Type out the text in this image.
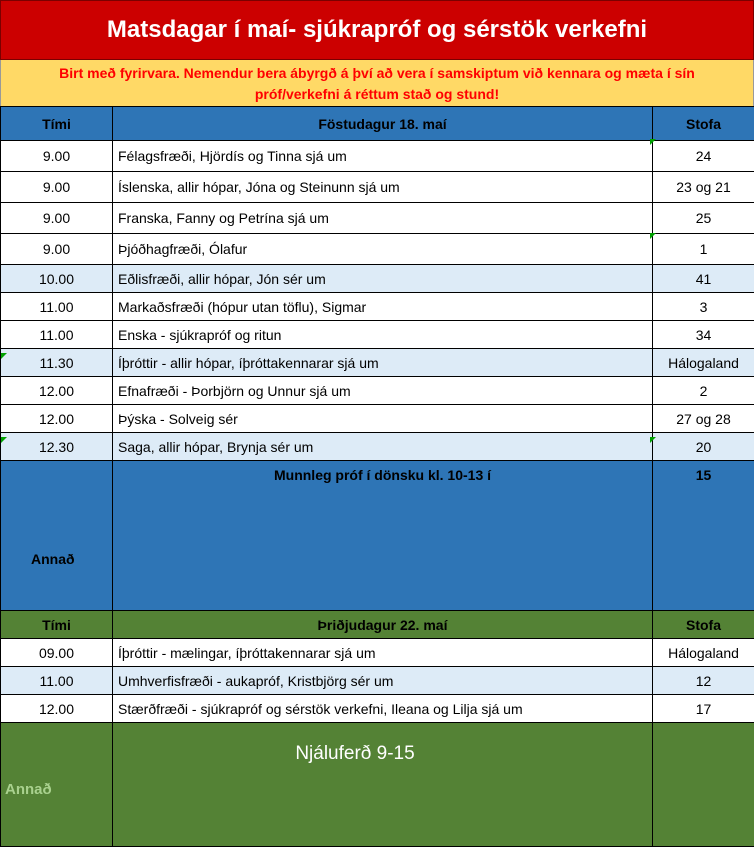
Matsdagar í maí- sjúkrapróf og sérstök verkefni
Birt með fyrirvara. Nemendur bera ábyrgð á því að vera í samskiptum við kennara og mæta í sín
próf/verkefni á réttum stað og stund!
Tími	Föstudagur 18. maí	Stofa
9.00	Félagsfræði, Hjördís og Tinna sjá um	24
9.00	Íslenska, allir hópar, Jóna og Steinunn sjá um	23 og 21
9.00	Franska, Fanny og Petrína sjá um	25
9.00	Þjóðhagfræði, Ólafur	1
10.00	Eðlisfræði, allir hópar, Jón sér um	41
11.00	Markaðsfræði (hópur utan töflu), Sigmar	3
11.00	Enska - sjúkrapróf og ritun	34
11.30	Íþróttir - allir hópar, íþróttakennarar sjá um	Hálogaland
12.00	Efnafræði - Þorbjörn og Unnur sjá um	2
12.00	Þýska - Solveig sér	27 og 28
12.30	Saga, allir hópar, Brynja sér um	20
Annað	Munnleg próf í dönsku kl. 10-13 í	15
Tími	Þriðjudagur 22. maí	Stofa
09.00	Íþróttir - mælingar, íþróttakennarar sjá um	Hálogaland
11.00	Umhverfisfræði - aukapróf, Kristbjörg sér um	12
12.00	Stærðfræði - sjúkrapróf og sérstök verkefni, Ileana og Lilja sjá um	17
Annað	Njáluferð 9-15	
